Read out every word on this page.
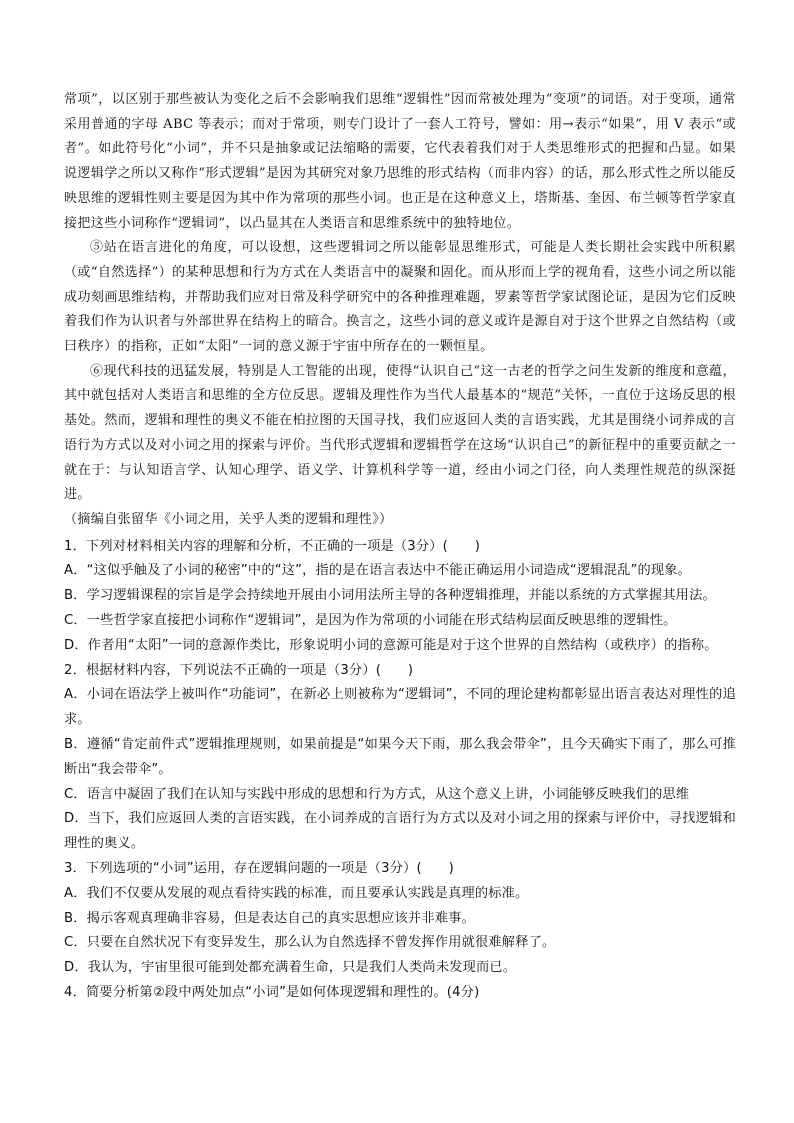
常项”，以区别于那些被认为变化之后不会影响我们思维“逻辑性”因而常被处理为“变项”的词语。对于变项，通常采用普通的字母 ABC 等表示；而对于常项，则专门设计了一套人工符号，譬如：用→表示“如果”，用 V 表示“或者”。如此符号化“小词”，并不只是抽象或记法缩略的需要，它代表着我们对于人类思维形式的把握和凸显。如果说逻辑学之所以又称作“形式逻辑”是因为其研究对象乃思维的形式结构（而非内容）的话，那么形式性之所以能反映思维的逻辑性则主要是因为其中作为常项的那些小词。也正是在这种意义上，塔斯基、奎因、布兰顿等哲学家直接把这些小词称作“逻辑词”，以凸显其在人类语言和思维系统中的独特地位。

⑤站在语言进化的角度，可以设想，这些逻辑词之所以能彰显思维形式，可能是人类长期社会实践中所积累（或“自然选择”）的某种思想和行为方式在人类语言中的凝聚和固化。而从形而上学的视角看，这些小词之所以能成功刻画思维结构，并帮助我们应对日常及科学研究中的各种推理难题，罗素等哲学家试图论证，是因为它们反映着我们作为认识者与外部世界在结构上的暗合。换言之，这些小词的意义或许是源自对于这个世界之自然结构（或曰秩序）的指称，正如“太阳”一词的意义源于宇宙中所存在的一颗恒星。

⑥现代科技的迅猛发展，特别是人工智能的出现，使得“认识自己”这一古老的哲学之问生发新的维度和意蕴，其中就包括对人类语言和思维的全方位反思。逻辑及理性作为当代人最基本的“规范”关怀，一直位于这场反思的根基处。然而，逻辑和理性的奥义不能在柏拉图的天国寻找，我们应返回人类的言语实践，尤其是围绕小词养成的言语行为方式以及对小词之用的探索与评价。当代形式逻辑和逻辑哲学在这场“认识自己”的新征程中的重要贡献之一就在于：与认知语言学、认知心理学、语义学、计算机科学等一道，经由小词之门径，向人类理性规范的纵深挺进。

（摘编自张留华《小词之用，关乎人类的逻辑和理性》）

1．下列对材料相关内容的理解和分析，不正确的一项是（3分）(　　)

A．“这似乎触及了小词的秘密”中的“这”，指的是在语言表达中不能正确运用小词造成“逻辑混乱”的现象。

B．学习逻辑课程的宗旨是学会持续地开展由小词用法所主导的各种逻辑推理，并能以系统的方式掌握其用法。

C．一些哲学家直接把小词称作“逻辑词”，是因为作为常项的小词能在形式结构层面反映思维的逻辑性。

D．作者用“太阳”一词的意源作类比，形象说明小词的意源可能是对于这个世界的自然结构（或秩序）的指称。

2．根据材料内容，下列说法不正确的一项是（3分）(　　)

A．小词在语法学上被叫作“功能词”，在新必上则被称为“逻辑词”，不同的理论建构都彰显出语言表达对理性的追求。

B．遵循“肯定前件式”逻辑推理规则，如果前提是“如果今天下雨，那么我会带伞”，且今天确实下雨了，那么可推断出“我会带伞”。

C．语言中凝固了我们在认知与实践中形成的思想和行为方式，从这个意义上讲，小词能够反映我们的思维

D．当下，我们应返回人类的言语实践，在小词养成的言语行为方式以及对小词之用的探索与评价中，寻找逻辑和理性的奥义。

3．下列选项的“小词”运用，存在逻辑问题的一项是（3分）(　　)

A．我们不仅要从发展的观点看待实践的标准，而且要承认实践是真理的标准。

B．揭示客观真理确非容易，但是表达自己的真实思想应该并非难事。

C．只要在自然状况下有变异发生，那么认为自然选择不曾发挥作用就很难解释了。

D．我认为，宇宙里很可能到处都充满着生命，只是我们人类尚未发现而已。

4．简要分析第②段中两处加点“小词”是如何体现逻辑和理性的。(4分)
